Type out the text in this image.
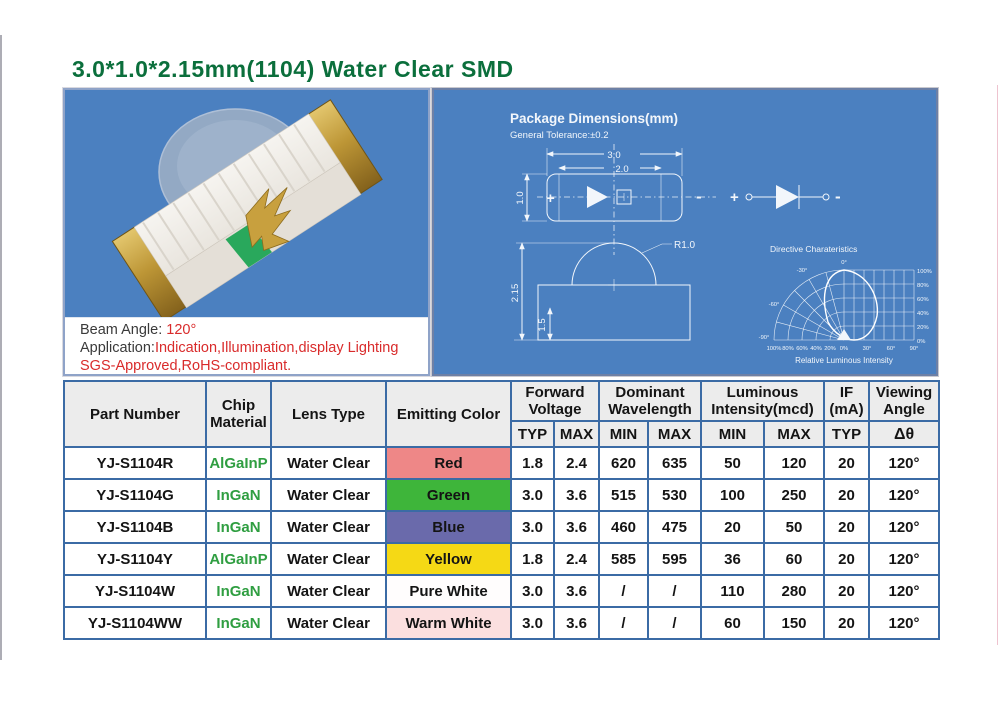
3.0*1.0*2.15mm(1104) Water Clear SMD
Beam Angle: 120°
Application:Indication,Illumination,display Lighting
SGS-Approved,RoHS-compliant.
Package Dimensions(mm)
General Tolerance:±0.2
3.0
2.0
1.0 +	- +	-
R1.0
2.15
1.5
Directive Charateristics
0°
-30°
-60°
-90°
100%
80%
60%
40%
20%
0%
100% 80% 60% 40% 20% 0% 30°	60° 90°
Relative Luminous Intensity
Part Number	Chip Material	Lens Type	Emitting Color	Forward Voltage		Dominant Wavelength		Luminous Intensity(mcd)		IF (mA)	Viewing Angle
				TYP	MAX	MIN	MAX	MIN	MAX	TYP	Δθ
YJ-S1104R	AlGaInP	Water Clear	Red	1.8	2.4	620	635	50	120	20	120°
YJ-S1104G	InGaN	Water Clear	Green	3.0	3.6	515	530	100	250	20	120°
YJ-S1104B	InGaN	Water Clear	Blue	3.0	3.6	460	475	20	50	20	120°
YJ-S1104Y	AlGaInP	Water Clear	Yellow	1.8	2.4	585	595	36	60	20	120°
YJ-S1104W	InGaN	Water Clear	Pure White	3.0	3.6	/	/	110	280	20	120°
YJ-S1104WW	InGaN	Water Clear	Warm White	3.0	3.6	/	/	60	150	20	120°
